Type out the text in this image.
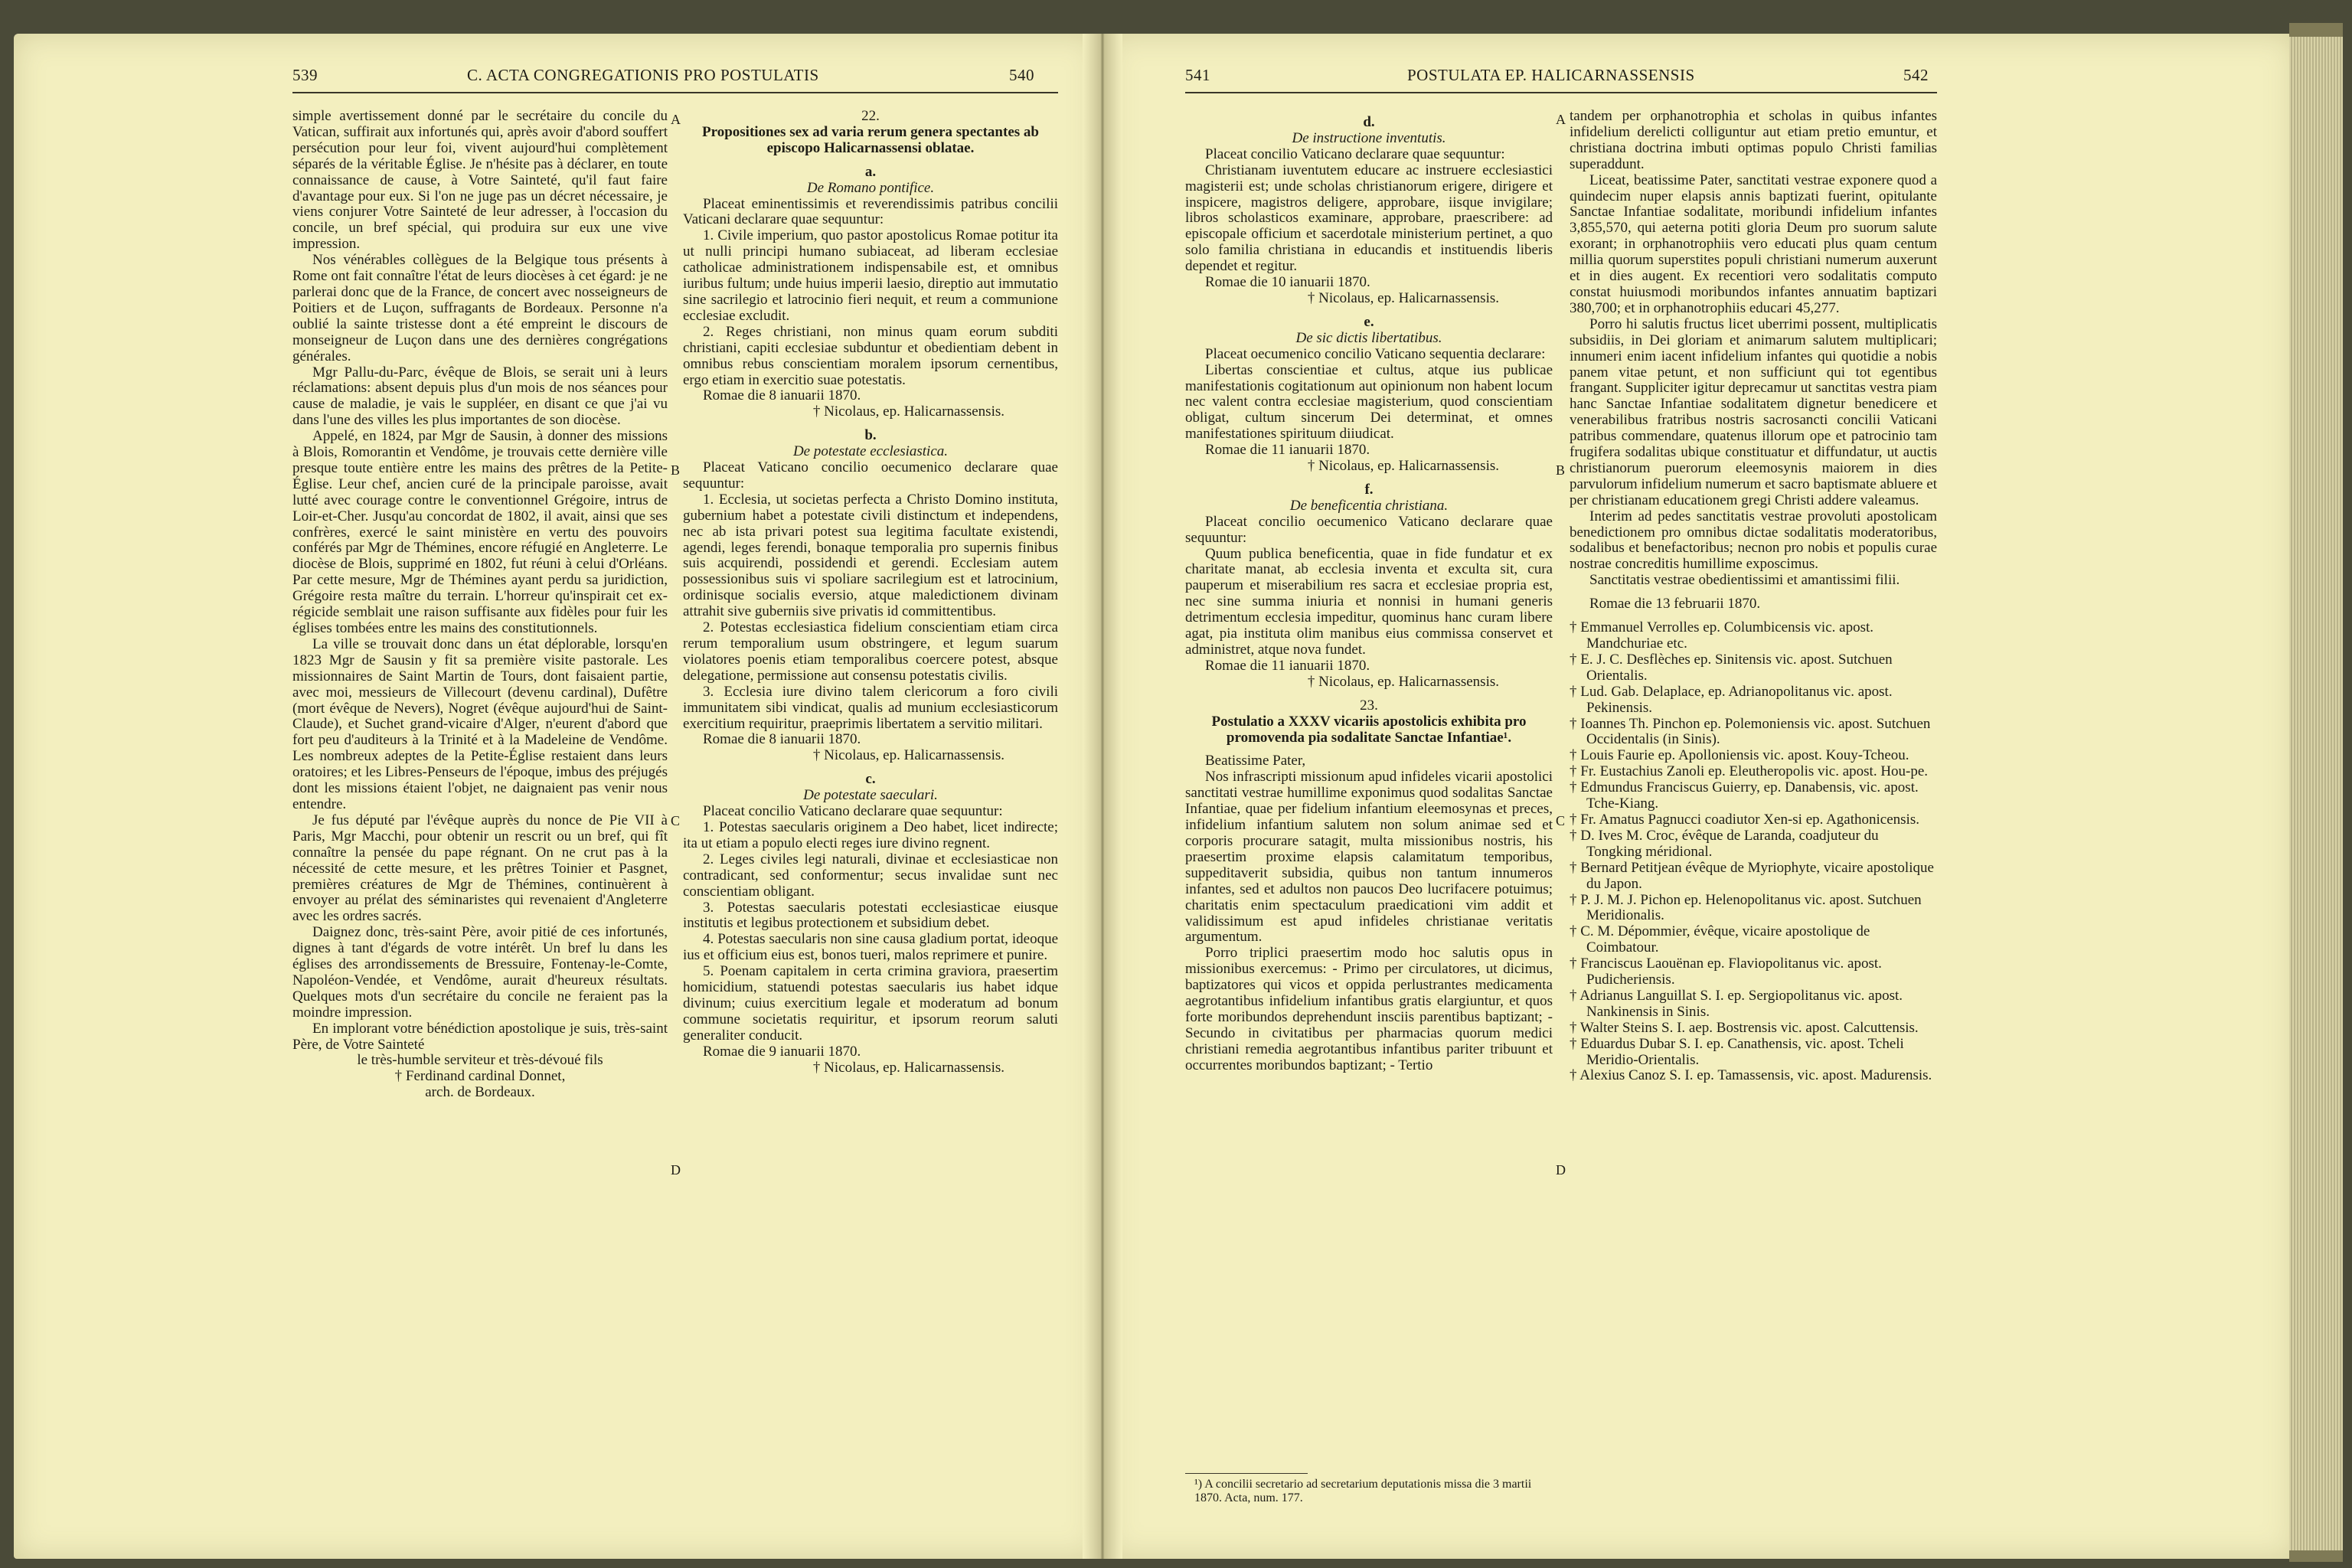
539	C. ACTA CONGREGATIONIS PRO POSTULATIS	540

simple avertissement donné par le secrétaire du concile du Vatican, suffirait aux infortunés qui, après avoir d'abord souffert persécution pour leur foi, vivent aujourd'hui complètement séparés de la véritable Église. Je n'hésite pas à déclarer, en toute connaissance de cause, à Votre Sainteté, qu'il faut faire d'avantage pour eux. Si l'on ne juge pas un décret nécessaire, je viens conjurer Votre Sainteté de leur adresser, à l'occasion du concile, un bref spécial, qui produira sur eux une vive impression.

Nos vénérables collègues de la Belgique tous présents à Rome ont fait connaître l'état de leurs diocèses à cet égard: je ne parlerai donc que de la France, de concert avec nosseigneurs de Poitiers et de Luçon, suffragants de Bordeaux. Personne n'a oublié la sainte tristesse dont a été empreint le discours de monseigneur de Luçon dans une des dernières congrégations générales.

Mgr Pallu-du-Parc, évêque de Blois, se serait uni à leurs réclamations: absent depuis plus d'un mois de nos séances pour cause de maladie, je vais le suppléer, en disant ce que j'ai vu dans l'une des villes les plus importantes de son diocèse.

Appelé, en 1824, par Mgr de Sausin, à donner des missions à Blois, Romorantin et Vendôme, je trouvais cette dernière ville presque toute entière entre les mains des prêtres de la Petite-Église. Leur chef, ancien curé de la principale paroisse, avait lutté avec courage contre le conventionnel Grégoire, intrus de Loir-et-Cher. Jusqu'au concordat de 1802, il avait, ainsi que ses confrères, exercé le saint ministère en vertu des pouvoirs conférés par Mgr de Thémines, encore réfugié en Angleterre. Le diocèse de Blois, supprimé en 1802, fut réuni à celui d'Orléans. Par cette mesure, Mgr de Thémines ayant perdu sa juridiction, Grégoire resta maître du terrain. L'horreur qu'inspirait cet ex-régicide semblait une raison suffisante aux fidèles pour fuir les églises tombées entre les mains des constitutionnels.

La ville se trouvait donc dans un état déplorable, lorsqu'en 1823 Mgr de Sausin y fit sa première visite pastorale. Les missionnaires de Saint Martin de Tours, dont faisaient partie, avec moi, messieurs de Villecourt (devenu cardinal), Dufêtre (mort évêque de Nevers), Nogret (évêque aujourd'hui de Saint-Claude), et Suchet grand-vicaire d'Alger, n'eurent d'abord que fort peu d'auditeurs à la Trinité et à la Madeleine de Vendôme. Les nombreux adeptes de la Petite-Église restaient dans leurs oratoires; et les Libres-Penseurs de l'époque, imbus des préjugés dont les missions étaient l'objet, ne daignaient pas venir nous entendre.

Je fus député par l'évêque auprès du nonce de Pie VII à Paris, Mgr Macchi, pour obtenir un rescrit ou un bref, qui fît connaître la pensée du pape régnant. On ne crut pas à la nécessité de cette mesure, et les prêtres Toinier et Pasgnet, premières créatures de Mgr de Thémines, continuèrent à envoyer au prélat des séminaristes qui revenaient d'Angleterre avec les ordres sacrés.

Daignez donc, très-saint Père, avoir pitié de ces infortunés, dignes à tant d'égards de votre intérêt. Un bref lu dans les églises des arrondissements de Bressuire, Fontenay-le-Comte, Napoléon-Vendée, et Vendôme, aurait d'heureux résultats. Quelques mots d'un secrétaire du concile ne feraient pas la moindre impression.

En implorant votre bénédiction apostolique je suis, très-saint Père, de Votre Sainteté

le très-humble serviteur et très-dévoué fils

† Ferdinand cardinal Donnet,

arch. de Bordeaux.

A
B
C
D

22.

Propositiones sex ad varia rerum genera spectantes ab episcopo Halicarnassensi oblatae.

a.

De Romano pontifice.

Placeat eminentissimis et reverendissimis patribus concilii Vaticani declarare quae sequuntur:

1. Civile imperium, quo pastor apostolicus Romae potitur ita ut nulli principi humano subiaceat, ad liberam ecclesiae catholicae administrationem indispensabile est, et omnibus iuribus fultum; unde huius imperii laesio, direptio aut immutatio sine sacrilegio et latrocinio fieri nequit, et reum a communione ecclesiae excludit.

2. Reges christiani, non minus quam eorum subditi christiani, capiti ecclesiae subduntur et obedientiam debent in omnibus rebus conscientiam moralem ipsorum cernentibus, ergo etiam in exercitio suae potestatis.

Romae die 8 ianuarii 1870.

† Nicolaus, ep. Halicarnassensis.

b.

De potestate ecclesiastica.

Placeat Vaticano concilio oecumenico declarare quae sequuntur:

1. Ecclesia, ut societas perfecta a Christo Domino instituta, gubernium habet a potestate civili distinctum et independens, nec ab ista privari potest sua legitima facultate existendi, agendi, leges ferendi, bonaque temporalia pro supernis finibus suis acquirendi, possidendi et gerendi. Ecclesiam autem possessionibus suis vi spoliare sacrilegium est et latrocinium, ordinisque socialis eversio, atque maledictionem divinam attrahit sive guberniis sive privatis id committentibus.

2. Potestas ecclesiastica fidelium conscientiam etiam circa rerum temporalium usum obstringere, et legum suarum violatores poenis etiam temporalibus coercere potest, absque delegatione, permissione aut consensu potestatis civilis.

3. Ecclesia iure divino talem clericorum a foro civili immunitatem sibi vindicat, qualis ad munium ecclesiasticorum exercitium requiritur, praeprimis libertatem a servitio militari.

Romae die 8 ianuarii 1870.

† Nicolaus, ep. Halicarnassensis.

c.

De potestate saeculari.

Placeat concilio Vaticano declarare quae sequuntur:

1. Potestas saecularis originem a Deo habet, licet indirecte; ita ut etiam a populo electi reges iure divino regnent.

2. Leges civiles legi naturali, divinae et ecclesiasticae non contradicant, sed conformentur; secus invalidae sunt nec conscientiam obligant.

3. Potestas saecularis potestati ecclesiasticae eiusque institutis et legibus protectionem et subsidium debet.

4. Potestas saecularis non sine causa gladium portat, ideoque ius et officium eius est, bonos tueri, malos reprimere et punire.

5. Poenam capitalem in certa crimina graviora, praesertim homicidium, statuendi potestas saecularis ius habet idque divinum; cuius exercitium legale et moderatum ad bonum commune societatis requiritur, et ipsorum reorum saluti generaliter conducit.

Romae die 9 ianuarii 1870.

† Nicolaus, ep. Halicarnassensis.

541	POSTULATA EP. HALICARNASSENSIS	542

d.

De instructione inventutis.

Placeat concilio Vaticano declarare quae sequuntur:

Christianam iuventutem educare ac instruere ecclesiastici magisterii est; unde scholas christianorum erigere, dirigere et inspicere, magistros deligere, approbare, iisque invigilare; libros scholasticos examinare, approbare, praescribere: ad episcopale officium et sacerdotale ministerium pertinet, a quo solo familia christiana in educandis et instituendis liberis dependet et regitur.

Romae die 10 ianuarii 1870.

† Nicolaus, ep. Halicarnassensis.

e.

De sic dictis libertatibus.

Placeat oecumenico concilio Vaticano sequentia declarare:

Libertas conscientiae et cultus, atque ius publicae manifestationis cogitationum aut opinionum non habent locum nec valent contra ecclesiae magisterium, quod conscientiam obligat, cultum sincerum Dei determinat, et omnes manifestationes spirituum diiudicat.

Romae die 11 ianuarii 1870.

† Nicolaus, ep. Halicarnassensis.

f.

De beneficentia christiana.

Placeat concilio oecumenico Vaticano declarare quae sequuntur:

Quum publica beneficentia, quae in fide fundatur et ex charitate manat, ab ecclesia inventa et exculta sit, cura pauperum et miserabilium res sacra et ecclesiae propria est, nec sine summa iniuria et nonnisi in humani generis detrimentum ecclesia impeditur, quominus hanc curam libere agat, pia instituta olim manibus eius commissa conservet et administret, atque nova fundet.

Romae die 11 ianuarii 1870.

† Nicolaus, ep. Halicarnassensis.

23.

Postulatio a XXXV vicariis apostolicis exhibita pro promovenda pia sodalitate Sanctae Infantiae¹.

Beatissime Pater,

Nos infrascripti missionum apud infideles vicarii apostolici sanctitati vestrae humillime exponimus quod sodalitas Sanctae Infantiae, quae per fidelium infantium eleemosynas et preces, infidelium infantium salutem non solum animae sed et corporis procurare satagit, multa missionibus nostris, his praesertim proxime elapsis calamitatum temporibus, suppeditaverit subsidia, quibus non tantum innumeros infantes, sed et adultos non paucos Deo lucrifacere potuimus; charitatis enim spectaculum praedicationi vim addit et validissimum est apud infideles christianae veritatis argumentum.

Porro triplici praesertim modo hoc salutis opus in missionibus exercemus: - Primo per circulatores, ut dicimus, baptizatores qui vicos et oppida perlustrantes medicamenta aegrotantibus infidelium infantibus gratis elargiuntur, et quos forte moribundos deprehendunt insciis parentibus baptizant; - Secundo in civitatibus per pharmacias quorum medici christiani remedia aegrotantibus infantibus pariter tribuunt et occurrentes moribundos baptizant; - Tertio

¹) A concilii secretario ad secretarium deputationis missa die 3 martii 1870. Acta, num. 177.
A
B
C
D

tandem per orphanotrophia et scholas in quibus infantes infidelium derelicti colliguntur aut etiam pretio emuntur, et christiana doctrina imbuti optimas populo Christi familias superaddunt.

Liceat, beatissime Pater, sanctitati vestrae exponere quod a quindecim nuper elapsis annis baptizati fuerint, opitulante Sanctae Infantiae sodalitate, moribundi infidelium infantes 3,855,570, qui aeterna potiti gloria Deum pro suorum salute exorant; in orphanotrophiis vero educati plus quam centum millia quorum superstites populi christiani numerum auxerunt et in dies augent. Ex recentiori vero sodalitatis computo constat huiusmodi moribundos infantes annuatim baptizari 380,700; et in orphanotrophiis educari 45,277.

Porro hi salutis fructus licet uberrimi possent, multiplicatis subsidiis, in Dei gloriam et animarum salutem multiplicari; innumeri enim iacent infidelium infantes qui quotidie a nobis panem vitae petunt, et non sufficiunt qui tot egentibus frangant. Suppliciter igitur deprecamur ut sanctitas vestra piam hanc Sanctae Infantiae sodalitatem dignetur benedicere et venerabilibus fratribus nostris sacrosancti concilii Vaticani patribus commendare, quatenus illorum ope et patrocinio tam frugifera sodalitas ubique constituatur et diffundatur, ut auctis christianorum puerorum eleemosynis maiorem in dies parvulorum infidelium numerum et sacro baptismate abluere et per christianam educationem gregi Christi addere valeamus.

Interim ad pedes sanctitatis vestrae provoluti apostolicam benedictionem pro omnibus dictae sodalitatis moderatoribus, sodalibus et benefactoribus; necnon pro nobis et populis curae nostrae concreditis humillime exposcimus.

Sanctitatis vestrae obedientissimi et amantissimi filii.

Romae die 13 februarii 1870.

† Emmanuel Verrolles ep. Columbicensis vic. apost. Mandchuriae etc.

† E. J. C. Desflèches ep. Sinitensis vic. apost. Sutchuen Orientalis.

† Lud. Gab. Delaplace, ep. Adrianopolitanus vic. apost. Pekinensis.

† Ioannes Th. Pinchon ep. Polemoniensis vic. apost. Sutchuen Occidentalis (in Sinis).

† Louis Faurie ep. Apolloniensis vic. apost. Kouy-Tcheou.

† Fr. Eustachius Zanoli ep. Eleutheropolis vic. apost. Hou-pe.

† Edmundus Franciscus Guierry, ep. Danabensis, vic. apost. Tche-Kiang.

† Fr. Amatus Pagnucci coadiutor Xen-si ep. Agathonicensis.

† D. Ives M. Croc, évêque de Laranda, coadjuteur du Tongking méridional.

† Bernard Petitjean évêque de Myriophyte, vicaire apostolique du Japon.

† P. J. M. J. Pichon ep. Helenopolitanus vic. apost. Sutchuen Meridionalis.

† C. M. Dépommier, évêque, vicaire apostolique de Coimbatour.

† Franciscus Laouënan ep. Flaviopolitanus vic. apost. Pudicheriensis.

† Adrianus Languillat S. I. ep. Sergiopolitanus vic. apost. Nankinensis in Sinis.

† Walter Steins S. I. aep. Bostrensis vic. apost. Calcuttensis.

† Eduardus Dubar S. I. ep. Canathensis, vic. apost. Tcheli Meridio-Orientalis.

† Alexius Canoz S. I. ep. Tamassensis, vic. apost. Madurensis.
